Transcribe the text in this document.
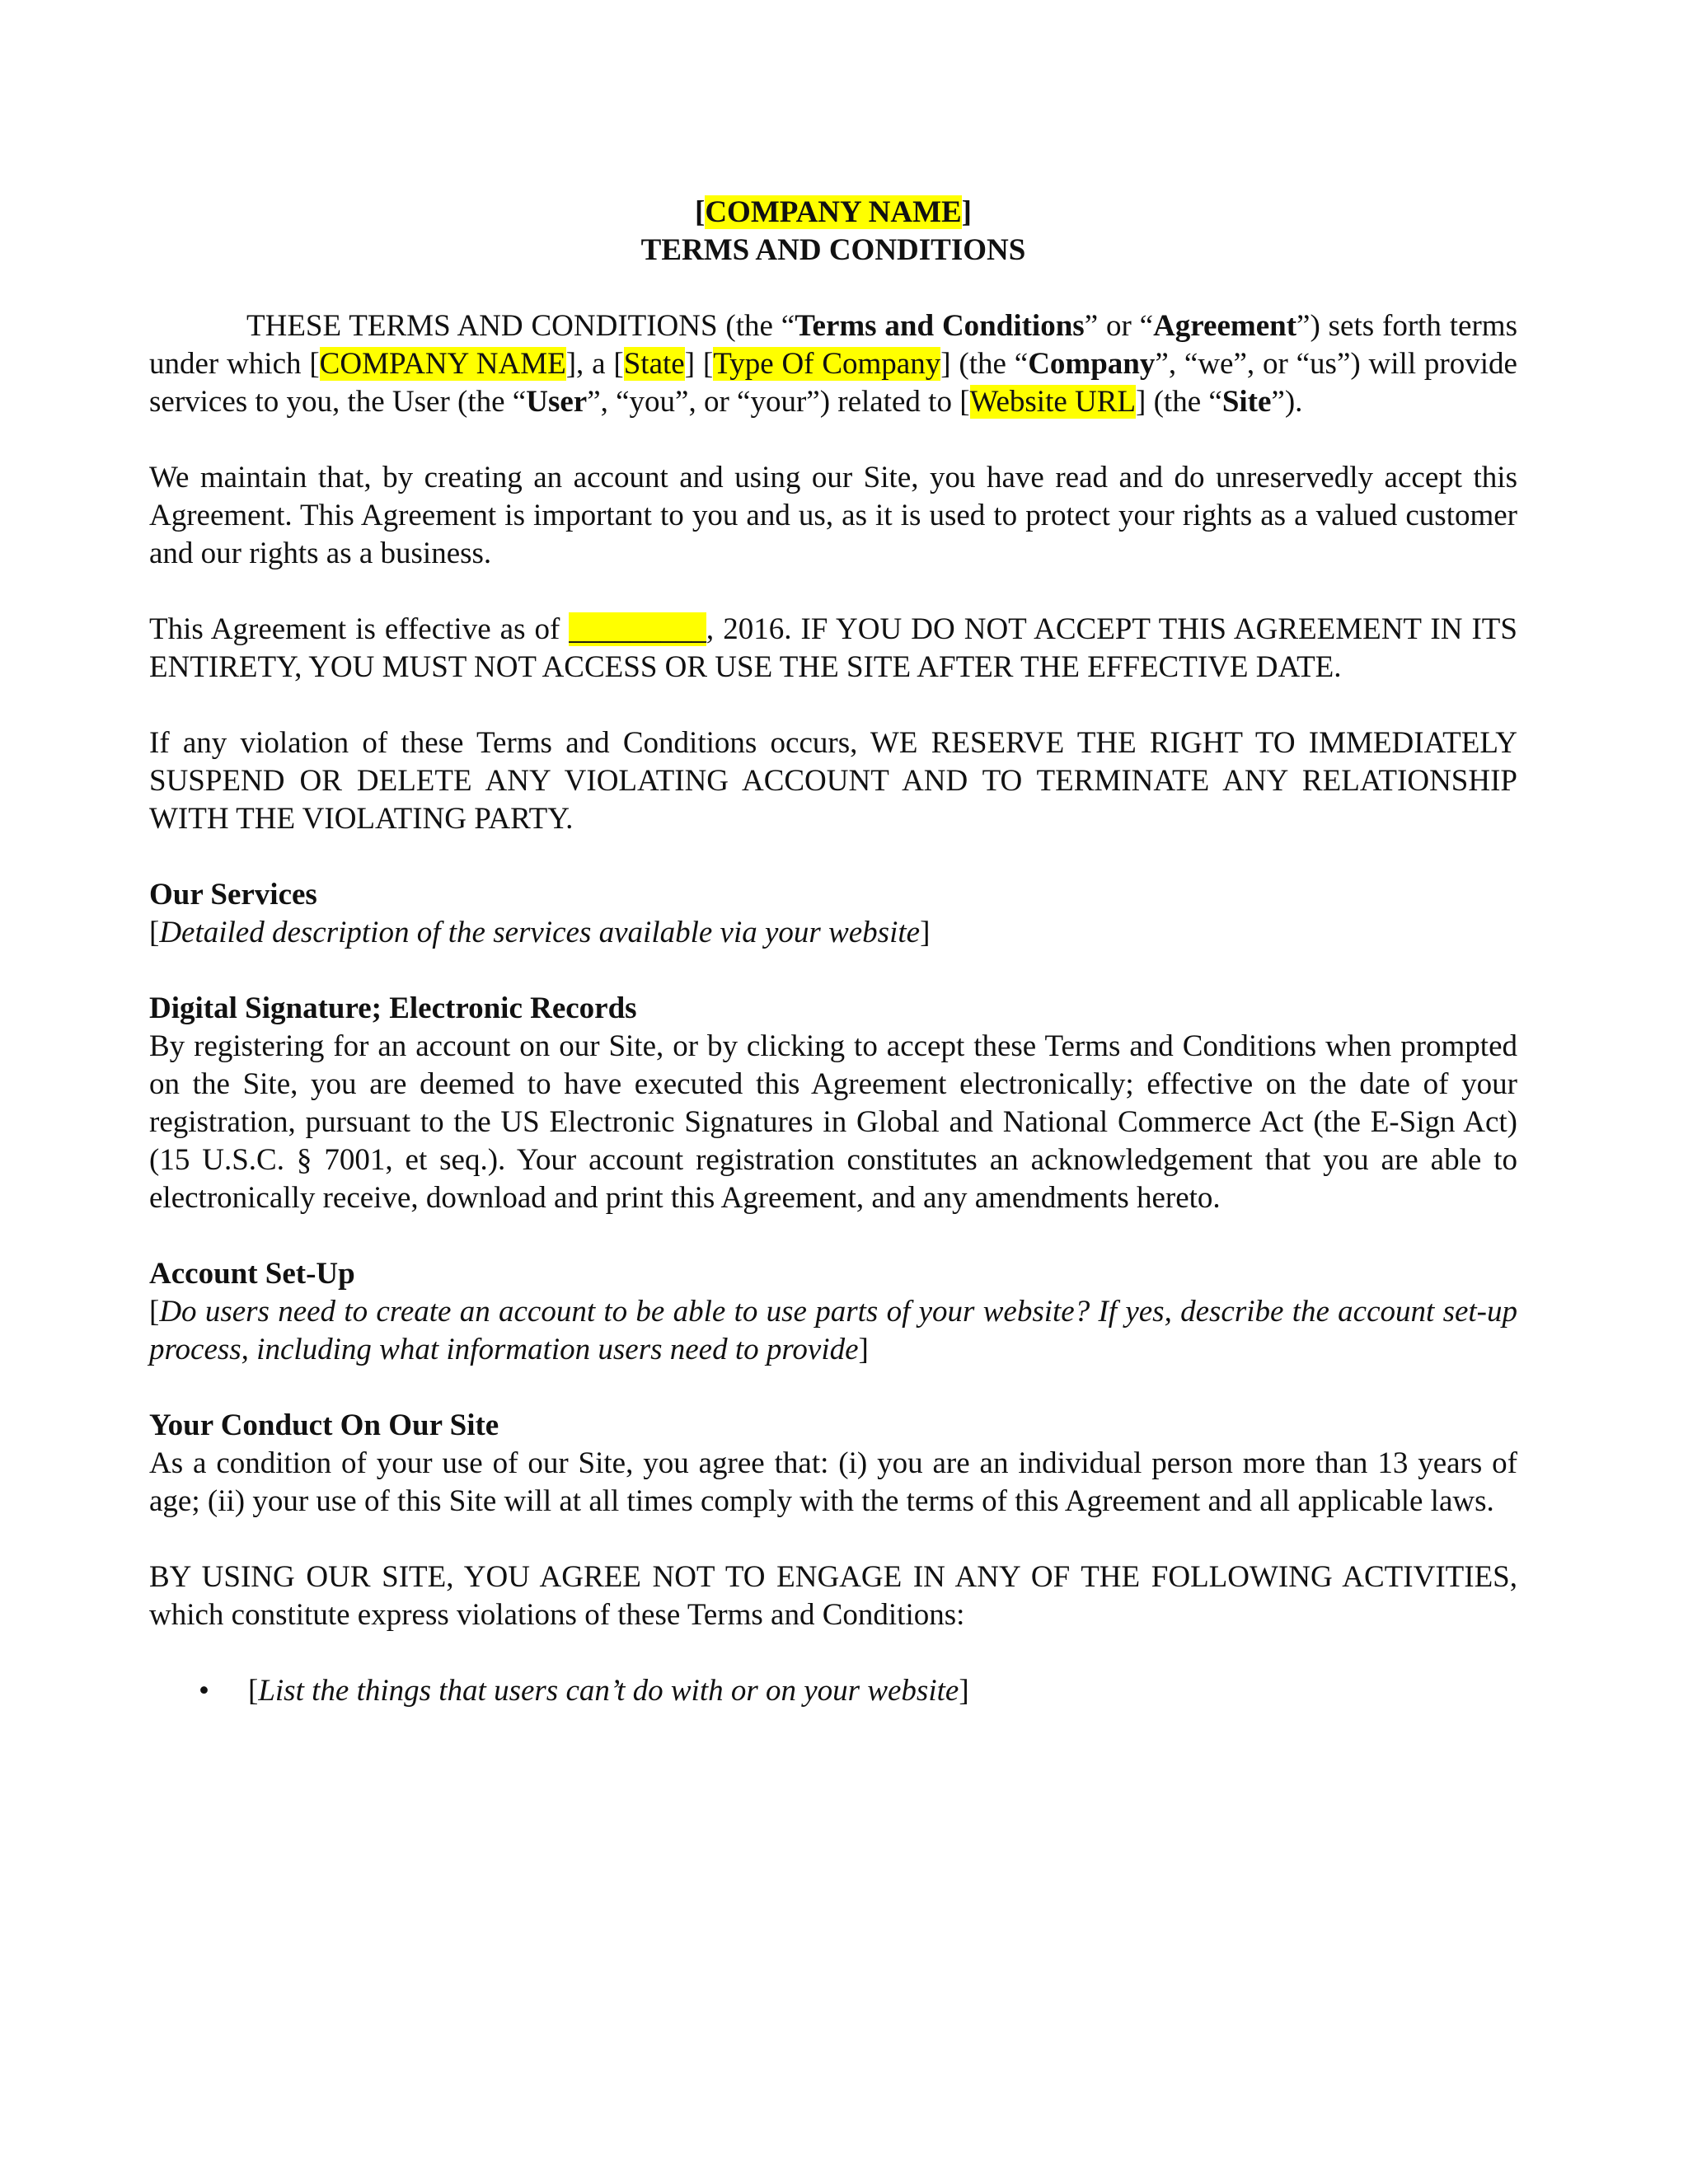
[COMPANY NAME]

TERMS AND CONDITIONS

THESE TERMS AND CONDITIONS (the “Terms and Conditions” or “Agreement”) sets forth terms under which [COMPANY NAME], a [State] [Type Of Company] (the “Company”, “we”, or “us”) will provide services to you, the User (the “User”, “you”, or “your”) related to [Website URL] (the “Site”).

We maintain that, by creating an account and using our Site, you have read and do unreservedly accept this Agreement. This Agreement is important to you and us, as it is used to protect your rights as a valued customer and our rights as a business.

This Agreement is effective as of _________, 2016. IF YOU DO NOT ACCEPT THIS AGREEMENT IN ITS ENTIRETY, YOU MUST NOT ACCESS OR USE THE SITE AFTER THE EFFECTIVE DATE.

If any violation of these Terms and Conditions occurs, WE RESERVE THE RIGHT TO IMMEDIATELY SUSPEND OR DELETE ANY VIOLATING ACCOUNT AND TO TERMINATE ANY RELATIONSHIP WITH THE VIOLATING PARTY.

Our Services

[Detailed description of the services available via your website]

Digital Signature; Electronic Records

By registering for an account on our Site, or by clicking to accept these Terms and Conditions when prompted on the Site, you are deemed to have executed this Agreement electronically; effective on the date of your registration, pursuant to the US Electronic Signatures in Global and National Commerce Act (the E-Sign Act) (15 U.S.C. § 7001, et seq.). Your account registration constitutes an acknowledgement that you are able to electronically receive, download and print this Agreement, and any amendments hereto.

Account Set-Up

[Do users need to create an account to be able to use parts of your website? If yes, describe the account set-up process, including what information users need to provide]

Your Conduct On Our Site

As a condition of your use of our Site, you agree that: (i) you are an individual person more than 13 years of age; (ii) your use of this Site will at all times comply with the terms of this Agreement and all applicable laws.

BY USING OUR SITE, YOU AGREE NOT TO ENGAGE IN ANY OF THE FOLLOWING ACTIVITIES, which constitute express violations of these Terms and Conditions:

•	[List the things that users can’t do with or on your website]
